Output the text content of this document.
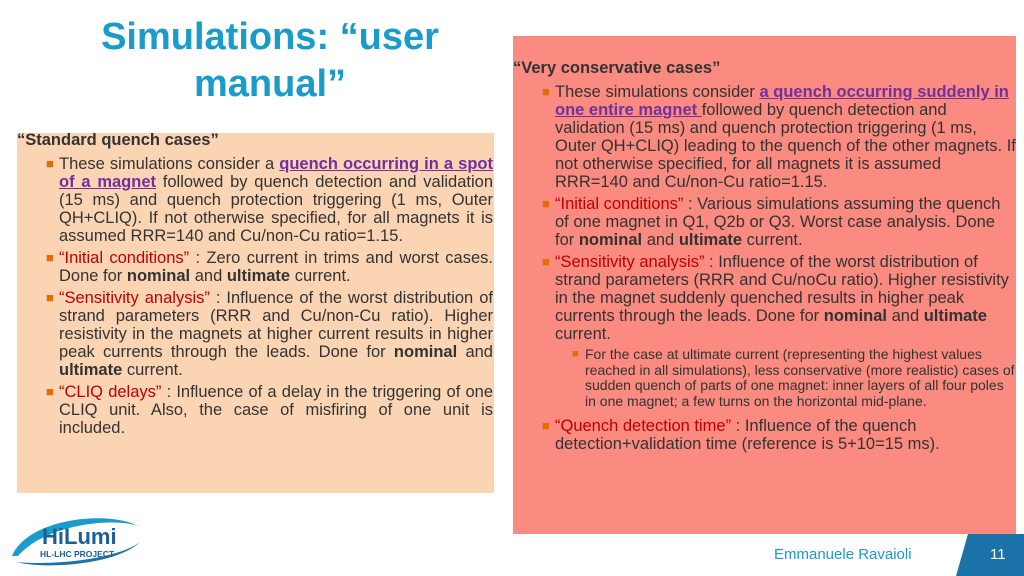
Simulations: “user
manual”
“Standard quench cases”
■ These simulations consider a quench occurring in a spot of a magnet followed by quench detection and validation (15 ms) and quench protection triggering (1 ms, Outer QH+CLIQ). If not otherwise specified, for all magnets it is assumed RRR=140 and Cu/non-Cu ratio=1.15.
■ “Initial conditions” : Zero current in trims and worst cases. Done for nominal and ultimate current.
■ “Sensitivity analysis” : Influence of the worst distribution of strand parameters (RRR and Cu/non-Cu ratio). Higher resistivity in the magnets at higher current results in higher peak currents through the leads. Done for nominal and ultimate current.
■ “CLIQ delays” : Influence of a delay in the triggering of one CLIQ unit. Also, the case of misfiring of one unit is included.
“Very conservative cases”
■ These simulations consider a quench occurring suddenly in one entire magnet followed by quench detection and validation (15 ms) and quench protection triggering (1 ms, Outer QH+CLIQ) leading to the quench of the other magnets. If not otherwise specified, for all magnets it is assumed RRR=140 and Cu/non-Cu ratio=1.15.
■ “Initial conditions” : Various simulations assuming the quench of one magnet in Q1, Q2b or Q3. Worst case analysis. Done for nominal and ultimate current.
■ “Sensitivity analysis” : Influence of the worst distribution of strand parameters (RRR and Cu/noCu ratio). Higher resistivity in the magnet suddenly quenched results in higher peak currents through the leads. Done for nominal and ultimate current.
■ For the case at ultimate current (representing the highest values reached in all simulations), less conservative (more realistic) cases of sudden quench of parts of one magnet: inner layers of all four poles in one magnet; a few turns on the horizontal mid-plane.
■ “Quench detection time” : Influence of the quench detection+validation time (reference is 5+10=15 ms).
HiLumi
HL-LHC PROJECT	Emmanuele Ravaioli	11
